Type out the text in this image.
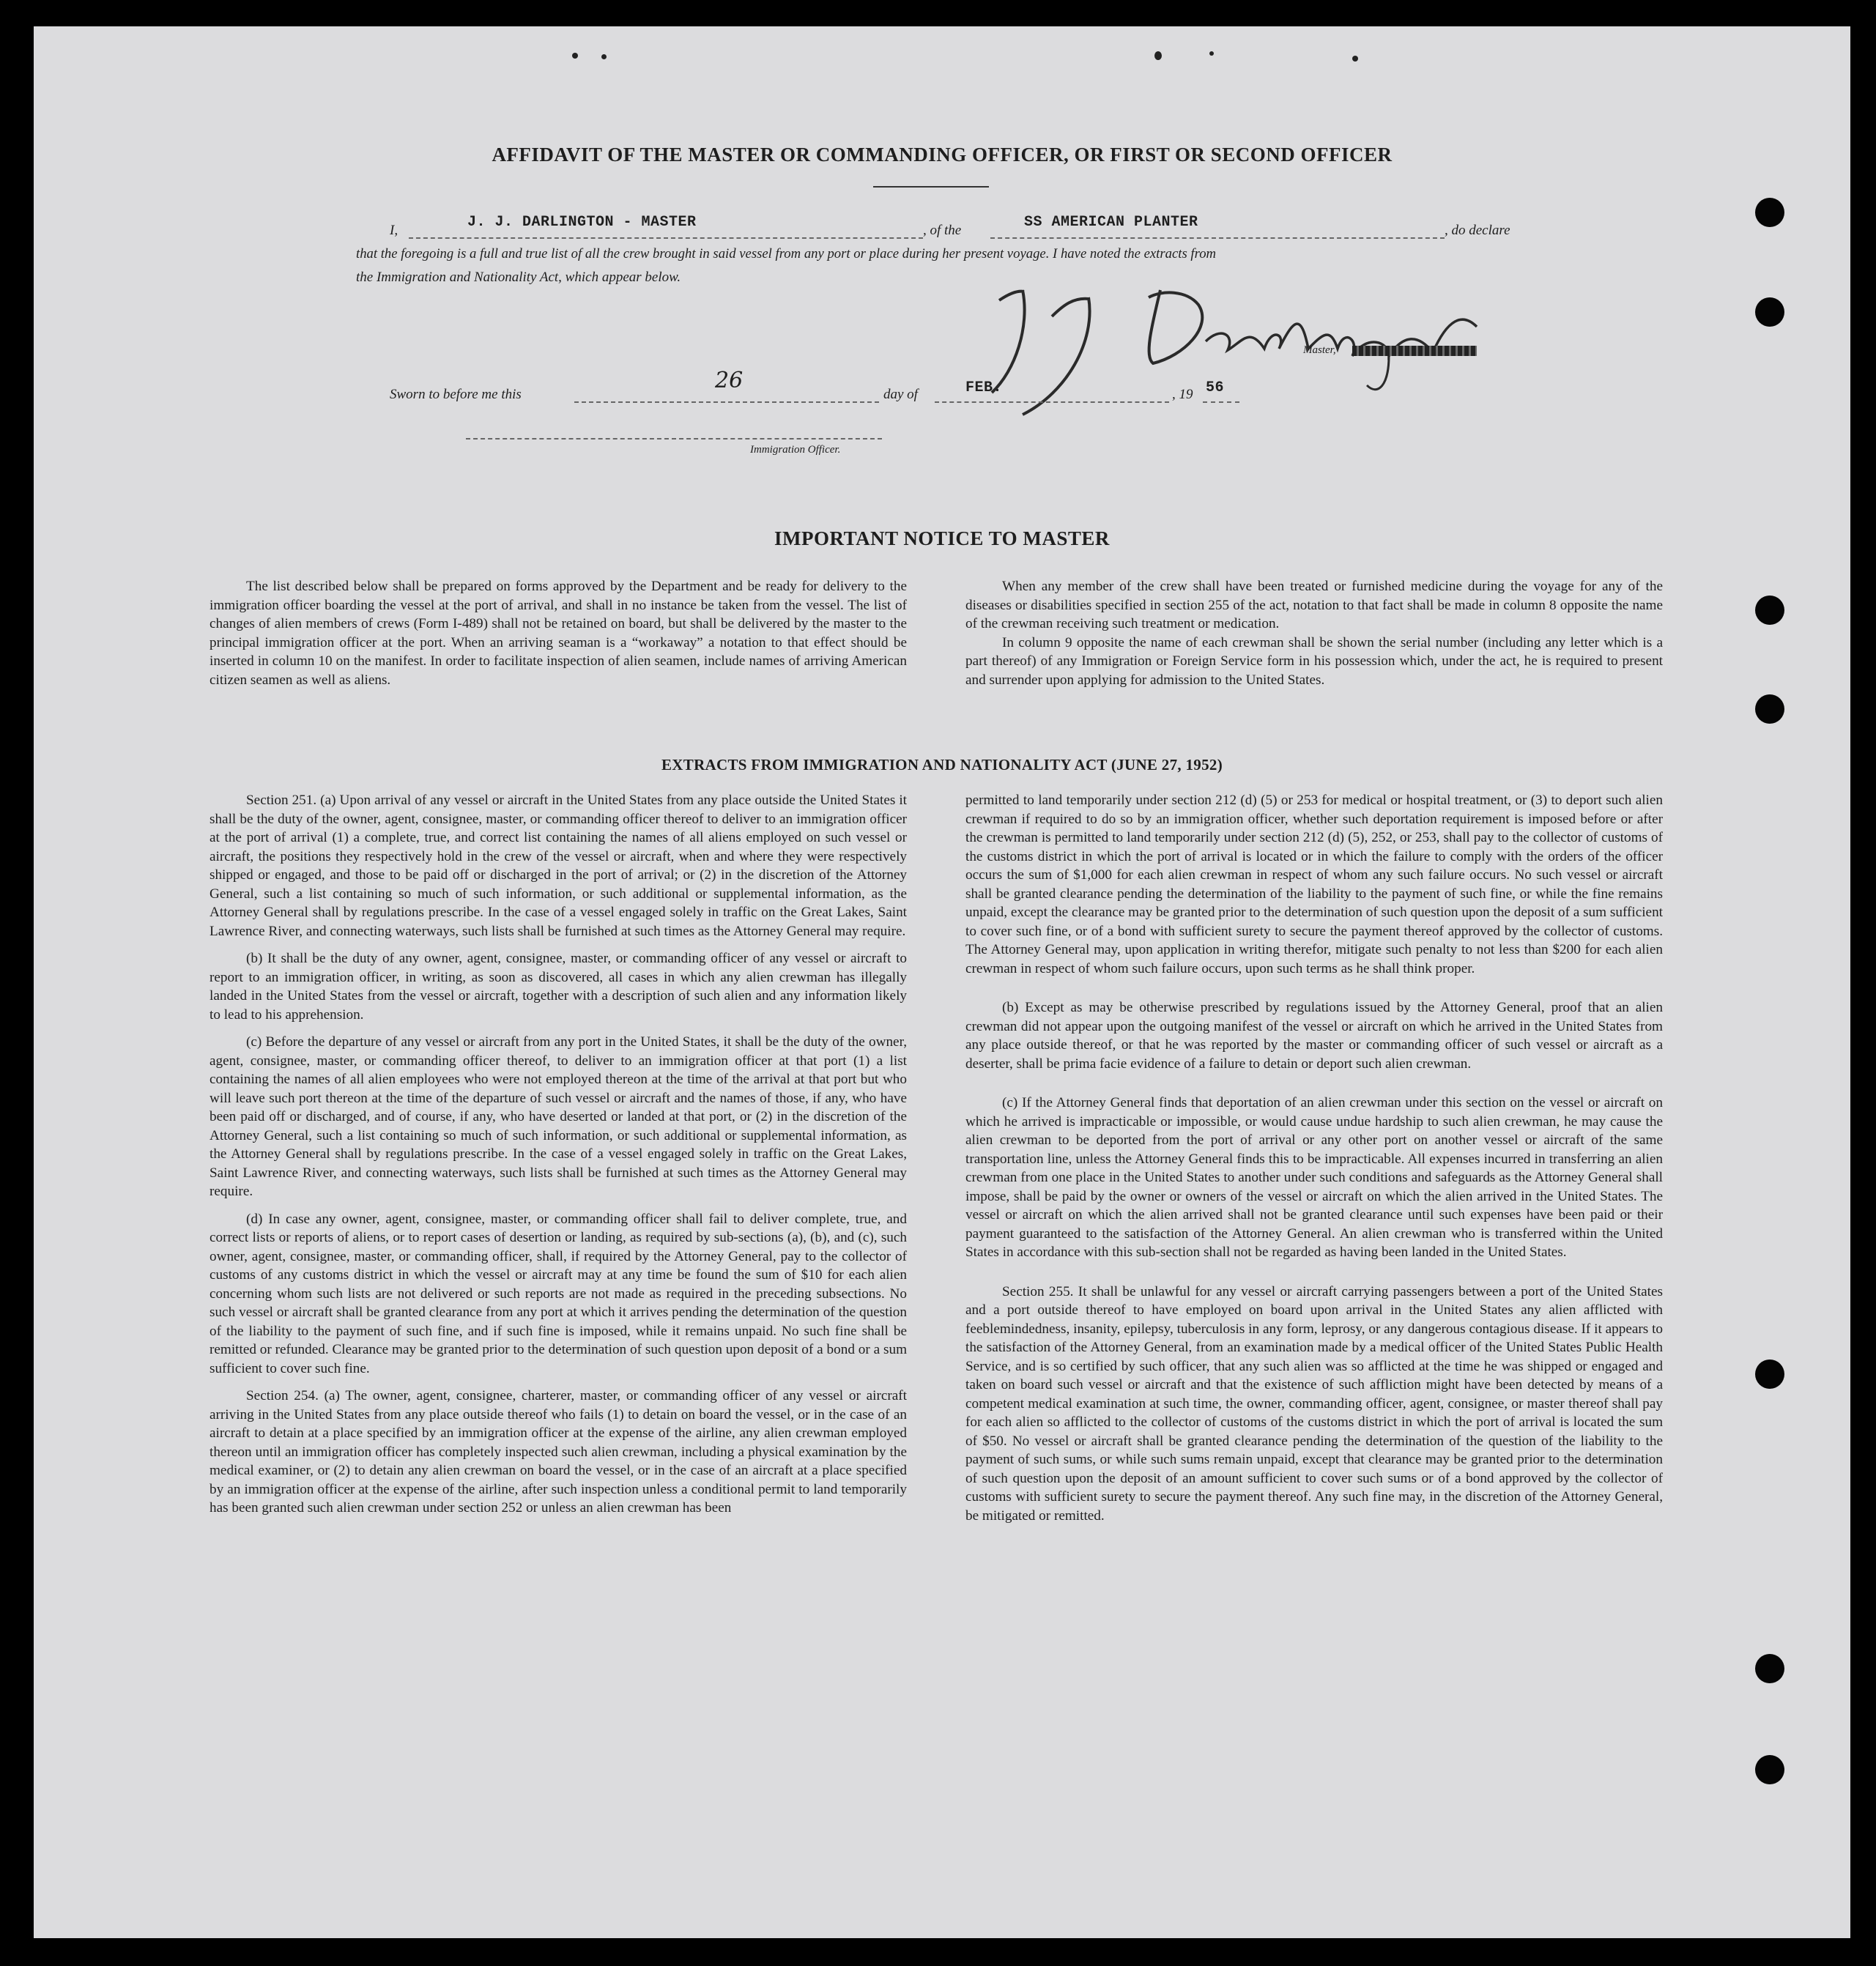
AFFIDAVIT OF THE MASTER OR COMMANDING OFFICER, OR FIRST OR SECOND OFFICER
I,	J. J. DARLINGTON - MASTER	, of the	SS AMERICAN PLANTER	, do declare
that the foregoing is a full and true list of all the crew brought in said vessel from any port or place during her present voyage. I have noted the extracts from
the Immigration and Nationality Act, which appear below.
Master,
Sworn to before me this
26
day of	FEB.	, 19 56
Immigration Officer.
IMPORTANT NOTICE TO MASTER

The list described below shall be prepared on forms approved by the Department and be ready for delivery to the immigration officer boarding the vessel at the port of arrival, and shall in no instance be taken from the vessel. The list of changes of alien members of crews (Form I-489) shall not be retained on board, but shall be delivered by the master to the principal immigration officer at the port. When an arriving seaman is a “workaway” a notation to that effect should be inserted in column 10 on the manifest. In order to facilitate inspection of alien seamen, include names of arriving American citizen seamen as well as aliens.

When any member of the crew shall have been treated or furnished medicine during the voyage for any of the diseases or disabilities specified in section 255 of the act, notation to that fact shall be made in column 8 opposite the name of the crewman receiving such treatment or medication.

In column 9 opposite the name of each crewman shall be shown the serial number (including any letter which is a part thereof) of any Immigration or Foreign Service form in his possession which, under the act, he is required to present and surrender upon applying for admission to the United States.

EXTRACTS FROM IMMIGRATION AND NATIONALITY ACT (JUNE 27, 1952)

Section 251. (a) Upon arrival of any vessel or aircraft in the United States from any place outside the United States it shall be the duty of the owner, agent, consignee, master, or commanding officer thereof to deliver to an immigration officer at the port of arrival (1) a complete, true, and correct list containing the names of all aliens employed on such vessel or aircraft, the positions they respectively hold in the crew of the vessel or aircraft, when and where they were respectively shipped or engaged, and those to be paid off or discharged in the port of arrival; or (2) in the discretion of the Attorney General, such a list containing so much of such information, or such additional or supplemental information, as the Attorney General shall by regulations prescribe. In the case of a vessel engaged solely in traffic on the Great Lakes, Saint Lawrence River, and connecting waterways, such lists shall be furnished at such times as the Attorney General may require.

(b) It shall be the duty of any owner, agent, consignee, master, or commanding officer of any vessel or aircraft to report to an immigration officer, in writing, as soon as discovered, all cases in which any alien crewman has illegally landed in the United States from the vessel or aircraft, together with a description of such alien and any information likely to lead to his apprehension.

(c) Before the departure of any vessel or aircraft from any port in the United States, it shall be the duty of the owner, agent, consignee, master, or commanding officer thereof, to deliver to an immigration officer at that port (1) a list containing the names of all alien employees who were not employed thereon at the time of the arrival at that port but who will leave such port thereon at the time of the departure of such vessel or aircraft and the names of those, if any, who have been paid off or discharged, and of course, if any, who have deserted or landed at that port, or (2) in the discretion of the Attorney General, such a list containing so much of such information, or such additional or supplemental information, as the Attorney General shall by regulations prescribe. In the case of a vessel engaged solely in traffic on the Great Lakes, Saint Lawrence River, and connecting waterways, such lists shall be furnished at such times as the Attorney General may require.

(d) In case any owner, agent, consignee, master, or commanding officer shall fail to deliver complete, true, and correct lists or reports of aliens, or to report cases of desertion or landing, as required by sub-sections (a), (b), and (c), such owner, agent, consignee, master, or commanding officer, shall, if required by the Attorney General, pay to the collector of customs of any customs district in which the vessel or aircraft may at any time be found the sum of $10 for each alien concerning whom such lists are not delivered or such reports are not made as required in the preceding subsections. No such vessel or aircraft shall be granted clearance from any port at which it arrives pending the determination of the question of the liability to the payment of such fine, and if such fine is imposed, while it remains unpaid. No such fine shall be remitted or refunded. Clearance may be granted prior to the determination of such question upon deposit of a bond or a sum sufficient to cover such fine.

Section 254. (a) The owner, agent, consignee, charterer, master, or commanding officer of any vessel or aircraft arriving in the United States from any place outside thereof who fails (1) to detain on board the vessel, or in the case of an aircraft to detain at a place specified by an immigration officer at the expense of the airline, any alien crewman employed thereon until an immigration officer has completely inspected such alien crewman, including a physical examination by the medical examiner, or (2) to detain any alien crewman on board the vessel, or in the case of an aircraft at a place specified by an immigration officer at the expense of the airline, after such inspection unless a conditional permit to land temporarily has been granted such alien crewman under section 252 or unless an alien crewman has been

permitted to land temporarily under section 212 (d) (5) or 253 for medical or hospital treatment, or (3) to deport such alien crewman if required to do so by an immigration officer, whether such deportation requirement is imposed before or after the crewman is permitted to land temporarily under section 212 (d) (5), 252, or 253, shall pay to the collector of customs of the customs district in which the port of arrival is located or in which the failure to comply with the orders of the officer occurs the sum of $1,000 for each alien crewman in respect of whom any such failure occurs. No such vessel or aircraft shall be granted clearance pending the determination of the liability to the payment of such fine, or while the fine remains unpaid, except the clearance may be granted prior to the determination of such question upon the deposit of a sum sufficient to cover such fine, or of a bond with sufficient surety to secure the payment thereof approved by the collector of customs. The Attorney General may, upon application in writing therefor, mitigate such penalty to not less than $200 for each alien crewman in respect of whom such failure occurs, upon such terms as he shall think proper.

(b) Except as may be otherwise prescribed by regulations issued by the Attorney General, proof that an alien crewman did not appear upon the outgoing manifest of the vessel or aircraft on which he arrived in the United States from any place outside thereof, or that he was reported by the master or commanding officer of such vessel or aircraft as a deserter, shall be prima facie evidence of a failure to detain or deport such alien crewman.

(c) If the Attorney General finds that deportation of an alien crewman under this section on the vessel or aircraft on which he arrived is impracticable or impossible, or would cause undue hardship to such alien crewman, he may cause the alien crewman to be deported from the port of arrival or any other port on another vessel or aircraft of the same transportation line, unless the Attorney General finds this to be impracticable. All expenses incurred in transferring an alien crewman from one place in the United States to another under such conditions and safeguards as the Attorney General shall impose, shall be paid by the owner or owners of the vessel or aircraft on which the alien arrived in the United States. The vessel or aircraft on which the alien arrived shall not be granted clearance until such expenses have been paid or their payment guaranteed to the satisfaction of the Attorney General. An alien crewman who is transferred within the United States in accordance with this sub-section shall not be regarded as having been landed in the United States.

Section 255. It shall be unlawful for any vessel or aircraft carrying passengers between a port of the United States and a port outside thereof to have employed on board upon arrival in the United States any alien afflicted with feeblemindedness, insanity, epilepsy, tuberculosis in any form, leprosy, or any dangerous contagious disease. If it appears to the satisfaction of the Attorney General, from an examination made by a medical officer of the United States Public Health Service, and is so certified by such officer, that any such alien was so afflicted at the time he was shipped or engaged and taken on board such vessel or aircraft and that the existence of such affliction might have been detected by means of a competent medical examination at such time, the owner, commanding officer, agent, consignee, or master thereof shall pay for each alien so afflicted to the collector of customs of the customs district in which the port of arrival is located the sum of $50. No vessel or aircraft shall be granted clearance pending the determination of the question of the liability to the payment of such sums, or while such sums remain unpaid, except that clearance may be granted prior to the determination of such question upon the deposit of an amount sufficient to cover such sums or of a bond approved by the collector of customs with sufficient surety to secure the payment thereof. Any such fine may, in the discretion of the Attorney General, be mitigated or remitted.
